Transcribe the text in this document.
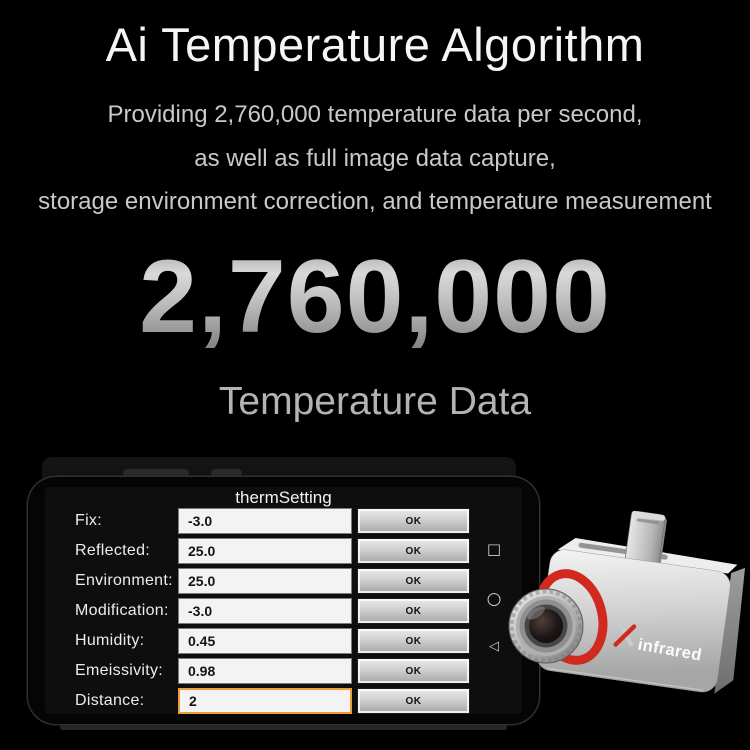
Ai Temperature Algorithm
Providing 2,760,000 temperature data per second,
as well as full image data capture,
storage environment correction, and temperature measurement
2,760,000
Temperature Data
thermSetting
Fix:
-3.0	OK
Reflected:
25.0	OK
Environment:
25.0	OK
Modification:
-3.0	OK
Humidity:
0.45	OK
Emeissivity:
0.98	OK
Distance:
2	OK
□
○
◁	infrared
